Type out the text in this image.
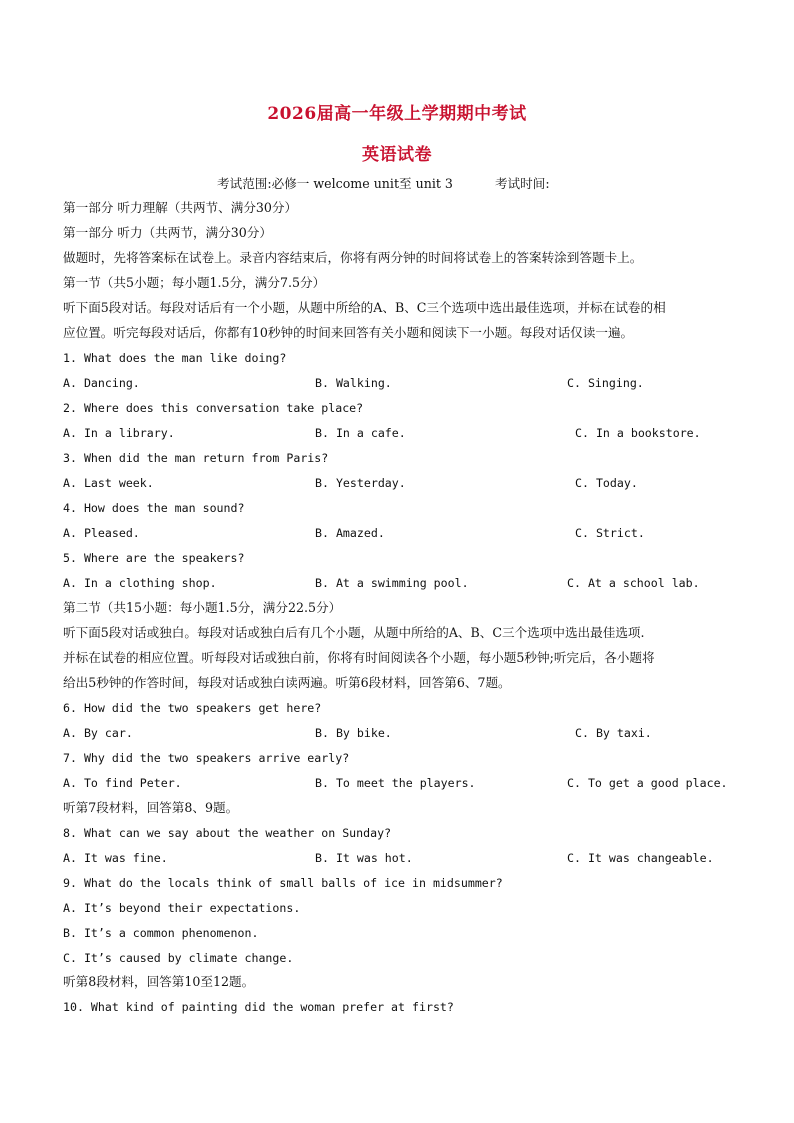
2026届高一年级上学期期中考试
英语试卷
考试范围:必修一 welcome unit至 unit 3	考试时间:
第一部分 听力理解（共两节、满分30分）
第一部分 听力（共两节，满分30分）
做题时，先将答案标在试卷上。录音内容结束后，你将有两分钟的时间将试卷上的答案转涂到答题卡上。
第一节（共5小题；每小题1.5分，满分7.5分）
听下面5段对话。每段对话后有一个小题，从题中所给的A、B、C三个选项中选出最佳选项，并标在试卷的相
应位置。听完每段对话后，你都有10秒钟的时间来回答有关小题和阅读下一小题。每段对话仅读一遍。
1. What does the man like doing?
A. Dancing.	B. Walking.	C. Singing.
2. Where does this conversation take place?
A. In a library.	B. In a cafe.	C. In a bookstore.
3. When did the man return from Paris?
A. Last week.	B. Yesterday.	C. Today.
4. How does the man sound?
A. Pleased.	B. Amazed.	C. Strict.
5. Where are the speakers?
A. In a clothing shop.	B. At a swimming pool.	C. At a school lab.
第二节（共15小题：每小题1.5分，满分22.5分）
听下面5段对话或独白。每段对话或独白后有几个小题，从题中所给的A、B、C三个选项中选出最佳选项.
并标在试卷的相应位置。听每段对话或独白前，你将有时间阅读各个小题，每小题5秒钟;听完后，各小题将
给出5秒钟的作答时间，每段对话或独白读两遍。听第6段材料，回答第6、7题。
6. How did the two speakers get here?
A. By car.	B. By bike.	C. By taxi.
7. Why did the two speakers arrive early?
A. To find Peter.	B. To meet the players.	C. To get a good place.
听第7段材料，回答第8、9题。
8. What can we say about the weather on Sunday?
A. It was fine.	B. It was hot.	C. It was changeable.
9. What do the locals think of small balls of ice in midsummer?
A. It’s beyond their expectations.
B. It’s a common phenomenon.
C. It’s caused by climate change.
听第8段材料，回答第10至12题。
10. What kind of painting did the woman prefer at first?
